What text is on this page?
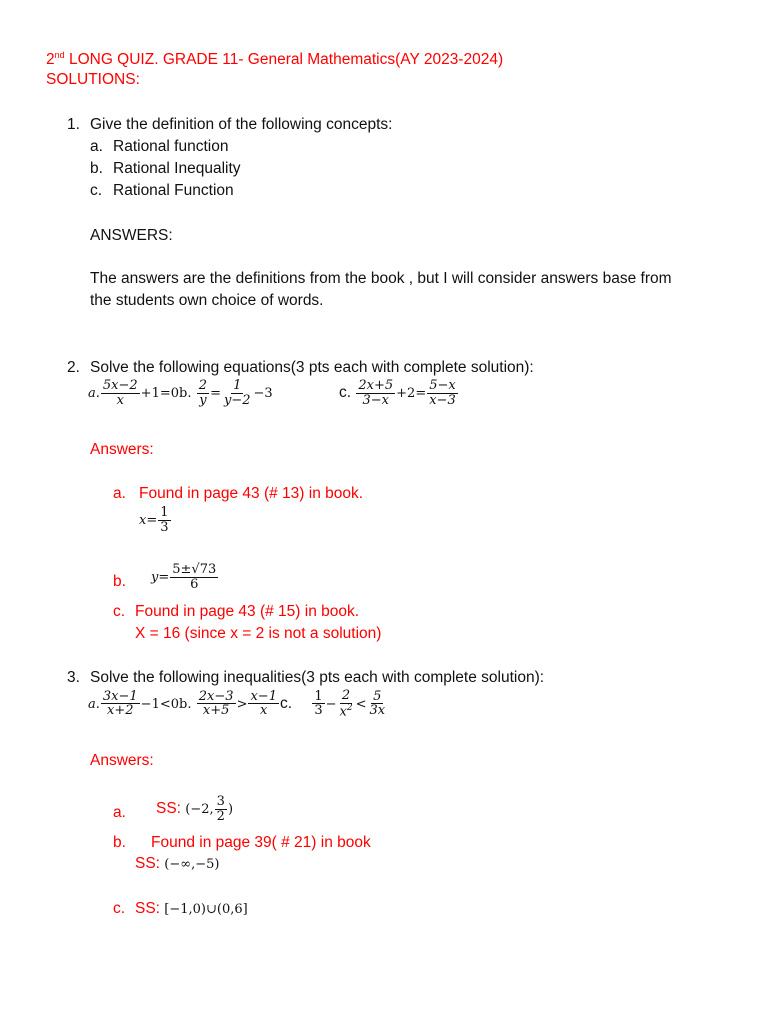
2nd LONG QUIZ. GRADE 11- General Mathematics(AY 2023-2024)
SOLUTIONS:
1. Give the definition of the following concepts:
a. Rational function
b. Rational Inequality
c. Rational Function
ANSWERS:
The answers are the definitions from the book , but I will consider answers base from
the students own choice of words.
2. Solve the following equations(3 pts each with complete solution):
a. $\frac{5x-2}{x} +1=0b$. $\frac{2}{y} = \frac{1}{y-2} -3$	c. $\frac{2x+5}{3-x} +2= \frac{5-x}{x-3}$
Answers:
a. Found in page 43 (# 13) in book.
$x= \frac{1}{3}$
b. $y= \frac{5\pm√73}{6}$
c. Found in page 43 (# 15) in book.
X = 16 (since x = 2 is not a solution)
3. Solve the following inequalities(3 pts each with complete solution):
a. $\frac{3x-1}{x+2} -1<0b$. $\frac{2x-3}{x+5} > \frac{x-1}{x} c$. $\frac{1}{3} - \frac{2}{x^2} < \frac{5}{3x}$
Answers:
a. SS: (−2, $\frac{3}{2}$ )
b. Found in page 39( # 21) in book
SS: (−∞,−5)
c. SS: [−1,0)∪(0,6]
